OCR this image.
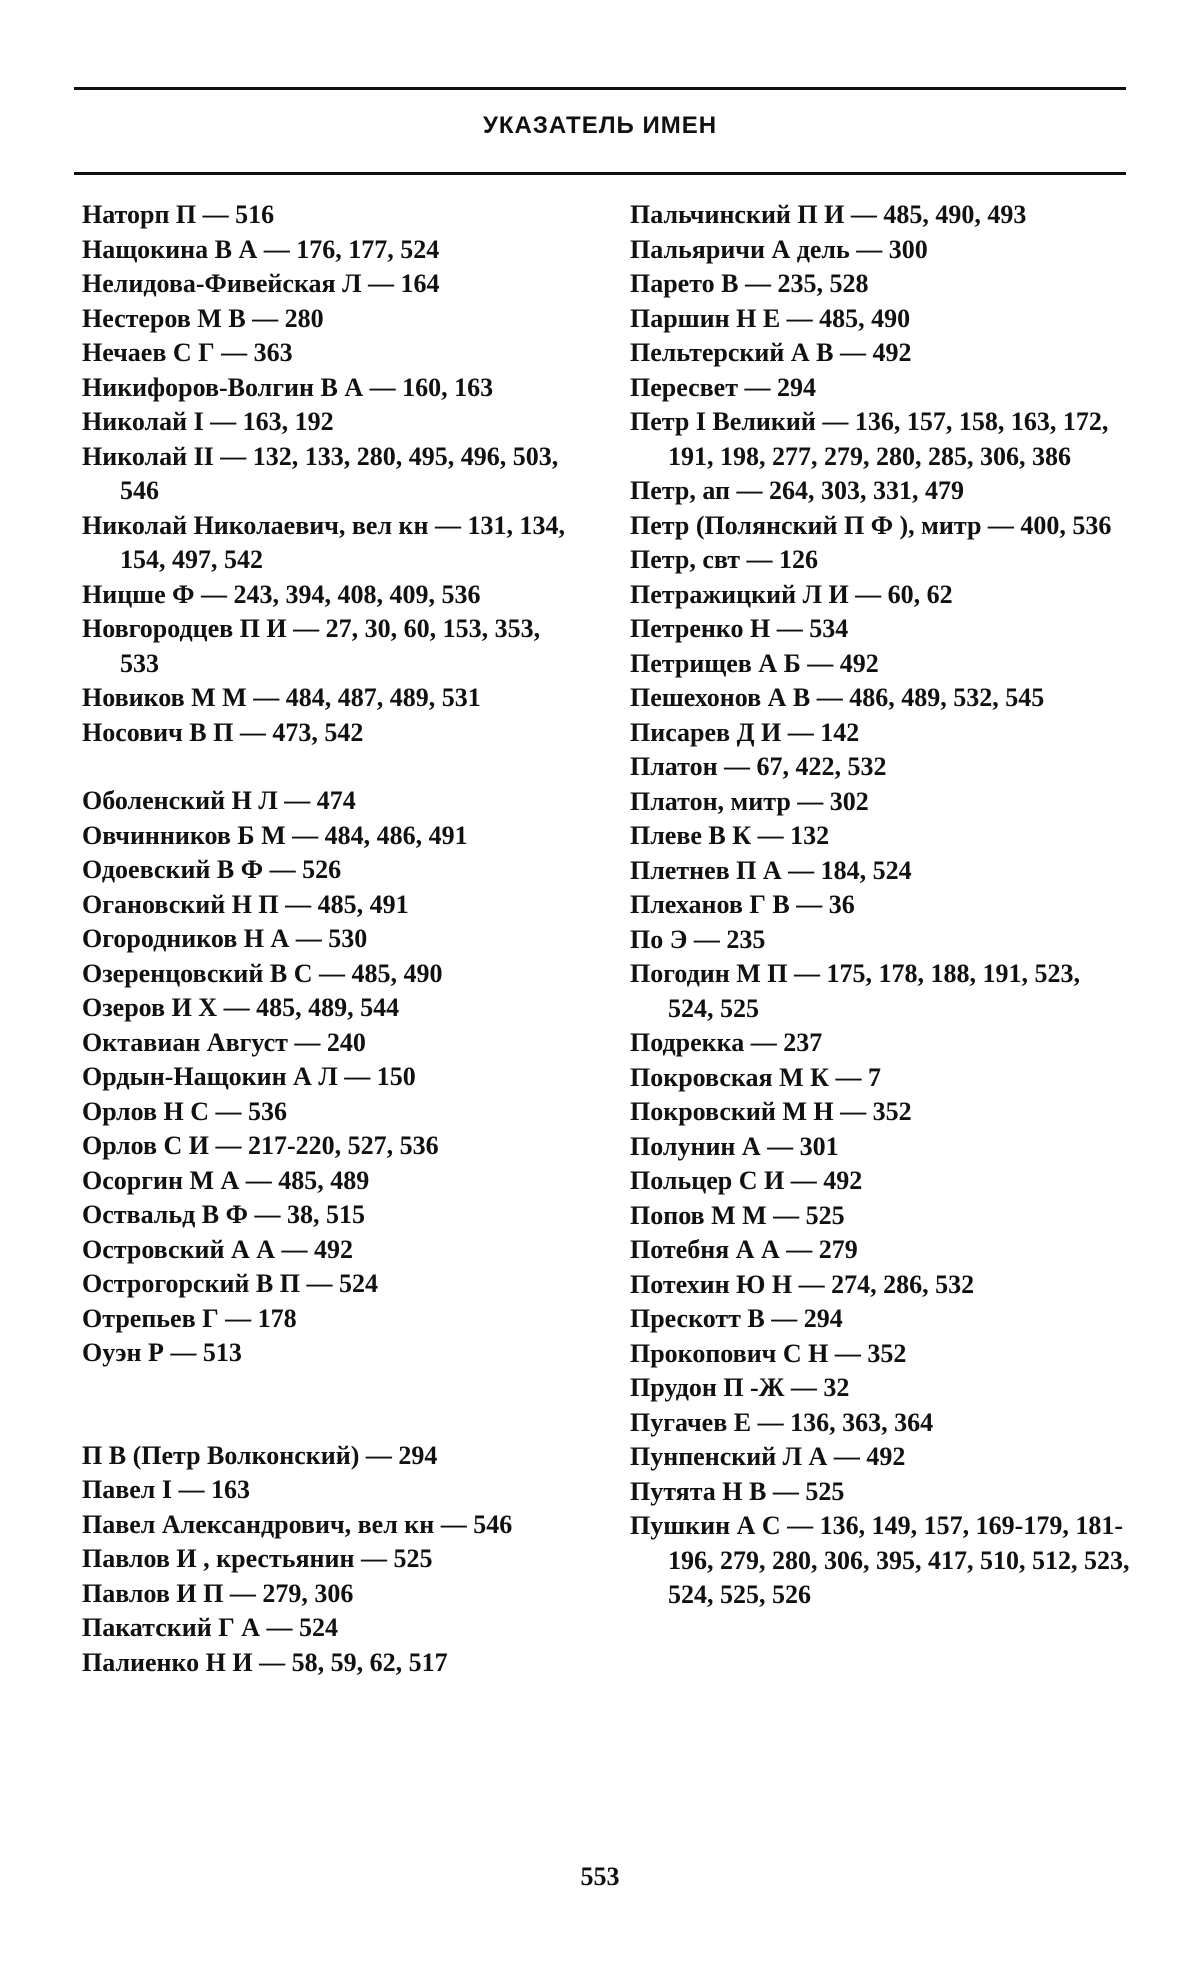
УКАЗАТЕЛЬ ИМЕН
Наторп П — 516
Нащокина В А — 176, 177, 524
Нелидова-Фивейская Л — 164
Нестеров М В — 280
Нечаев С Г — 363
Никифоров-Волгин В А — 160, 163
Николай I — 163, 192
Николай II — 132, 133, 280, 495, 496, 503, 546
Николай Николаевич, вел кн — 131, 134, 154, 497, 542
Ницше Ф — 243, 394, 408, 409, 536
Новгородцев П И — 27, 30, 60, 153, 353, 533
Новиков М М — 484, 487, 489, 531
Носович В П — 473, 542
Оболенский Н Л — 474
Овчинников Б М — 484, 486, 491
Одоевский В Ф — 526
Огановский Н П — 485, 491
Огородников Н А — 530
Озеренцовский В С — 485, 490
Озеров И Х — 485, 489, 544
Октавиан Август — 240
Ордын-Нащокин А Л — 150
Орлов Н С — 536
Орлов С И — 217-220, 527, 536
Осоргин М А — 485, 489
Оствальд В Ф — 38, 515
Островский А А — 492
Острогорский В П — 524
Отрепьев Г — 178
Оуэн Р — 513
П В (Петр Волконский) — 294
Павел I — 163
Павел Александрович, вел кн — 546
Павлов И , крестьянин — 525
Павлов И П — 279, 306
Пакатский Г А — 524
Палиенко Н И — 58, 59, 62, 517
Пальчинский П И — 485, 490, 493
Пальяричи А дель — 300
Парето В — 235, 528
Паршин Н Е — 485, 490
Пельтерский А В — 492
Пересвет — 294
Петр I Великий — 136, 157, 158, 163, 172, 191, 198, 277, 279, 280, 285, 306, 386
Петр, ап — 264, 303, 331, 479
Петр (Полянский П Ф ), митр — 400, 536
Петр, свт — 126
Петражицкий Л И — 60, 62
Петренко Н — 534
Петрищев А Б — 492
Пешехонов А В — 486, 489, 532, 545
Писарев Д И — 142
Платон — 67, 422, 532
Платон, митр — 302
Плеве В К — 132
Плетнев П А — 184, 524
Плеханов Г В — 36
По Э — 235
Погодин М П — 175, 178, 188, 191, 523, 524, 525
Подрекка — 237
Покровская М К — 7
Покровский М Н — 352
Полунин А — 301
Польцер С И — 492
Попов М М — 525
Потебня А А — 279
Потехин Ю Н — 274, 286, 532
Прескотт В — 294
Прокопович С Н — 352
Прудон П -Ж — 32
Пугачев Е — 136, 363, 364
Пунпенский Л А — 492
Путята Н В — 525
Пушкин А С — 136, 149, 157, 169-179, 181-196, 279, 280, 306, 395, 417, 510, 512, 523, 524, 525, 526
553
